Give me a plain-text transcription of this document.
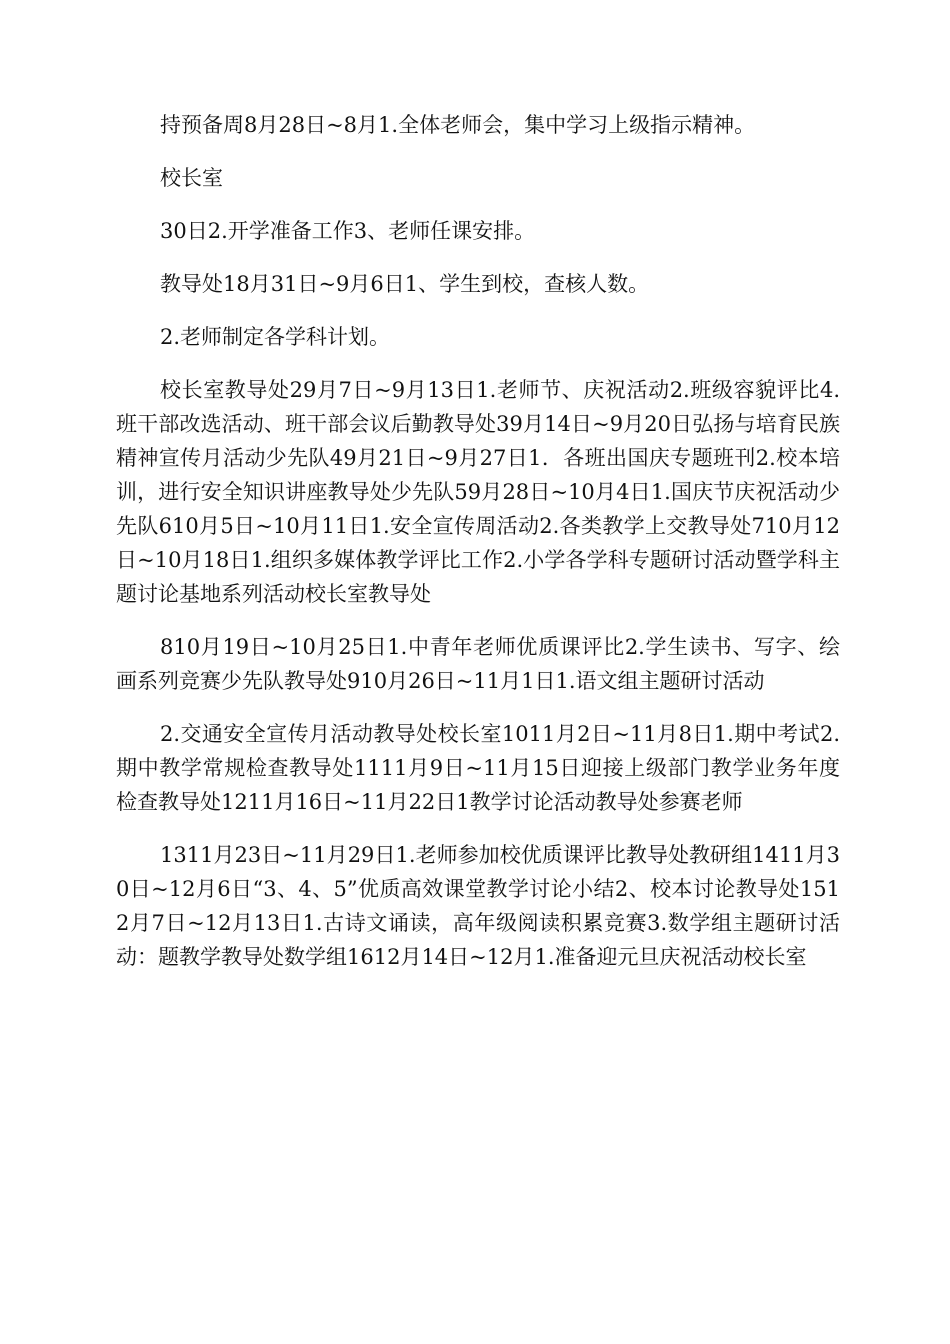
持预备周8月28日~8月1.全体老师会，集中学习上级指示精神。

校长室

30日2.开学准备工作3、老师任课安排。

教导处18月31日~9月6日1、学生到校，查核人数。

2.老师制定各学科计划。

校长室教导处29月7日~9月13日1.老师节、庆祝活动2.班级容貌评比4.班干部改选活动、班干部会议后勤教导处39月14日~9月20日弘扬与培育民族精神宣传月活动少先队49月21日~9月27日1．各班出国庆专题班刊2.校本培训，进行安全知识讲座教导处少先队59月28日~10月4日1.国庆节庆祝活动少先队610月5日~10月11日1.安全宣传周活动2.各类教学上交教导处710月12日~10月18日1.组织多媒体教学评比工作2.小学各学科专题研讨活动暨学科主题讨论基地系列活动校长室教导处

810月19日~10月25日1.中青年老师优质课评比2.学生读书、写字、绘画系列竞赛少先队教导处910月26日~11月1日1.语文组主题研讨活动

2.交通安全宣传月活动教导处校长室1011月2日~11月8日1.期中考试2.期中教学常规检查教导处1111月9日~11月15日迎接上级部门教学业务年度检查教导处1211月16日~11月22日1教学讨论活动教导处参赛老师

1311月23日~11月29日1.老师参加校优质课评比教导处教研组1411月30日~12月6日“3、4、5”优质高效课堂教学讨论小结2、校本讨论教导处1512月7日~12月13日1.古诗文诵读，高年级阅读积累竞赛3.数学组主题研讨活动：题教学教导处数学组1612月14日~12月1.准备迎元旦庆祝活动校长室
